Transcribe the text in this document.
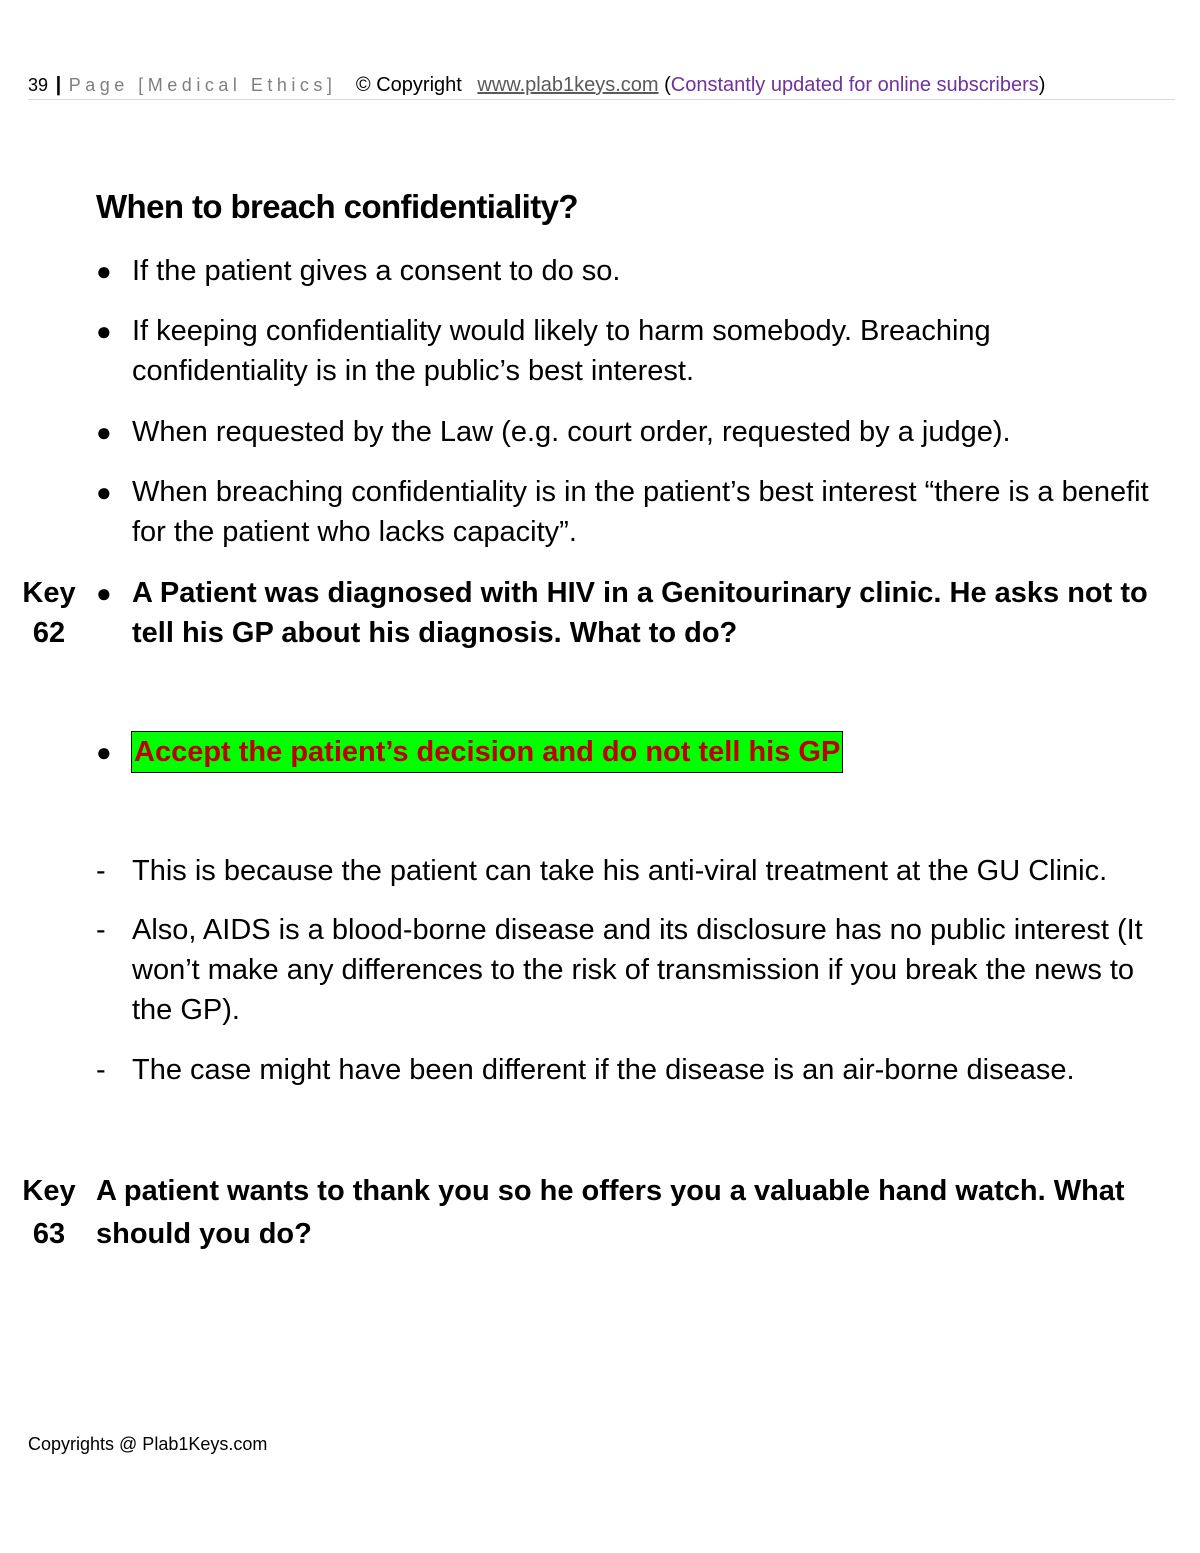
39 | Page [Medical Ethics] © Copyright www.plab1keys.com (Constantly updated for online subscribers)
When to breach confidentiality?
● If the patient gives a consent to do so.
● If keeping confidentiality would likely to harm somebody. Breaching confidentiality is in the public’s best interest.
● When requested by the Law (e.g. court order, requested by a judge).
● When breaching confidentiality is in the patient’s best interest “there is a benefit for the patient who lacks capacity”.
Key
62
● A Patient was diagnosed with HIV in a Genitourinary clinic. He asks not to tell his GP about his diagnosis. What to do?
● Accept the patient’s decision and do not tell his GP
- This is because the patient can take his anti-viral treatment at the GU Clinic.
- Also, AIDS is a blood-borne disease and its disclosure has no public interest (It won’t make any differences to the risk of transmission if you break the news to the GP).
- The case might have been different if the disease is an air-borne disease.
Key
63
A patient wants to thank you so he offers you a valuable hand watch. What should you do?
Copyrights @ Plab1Keys.com
